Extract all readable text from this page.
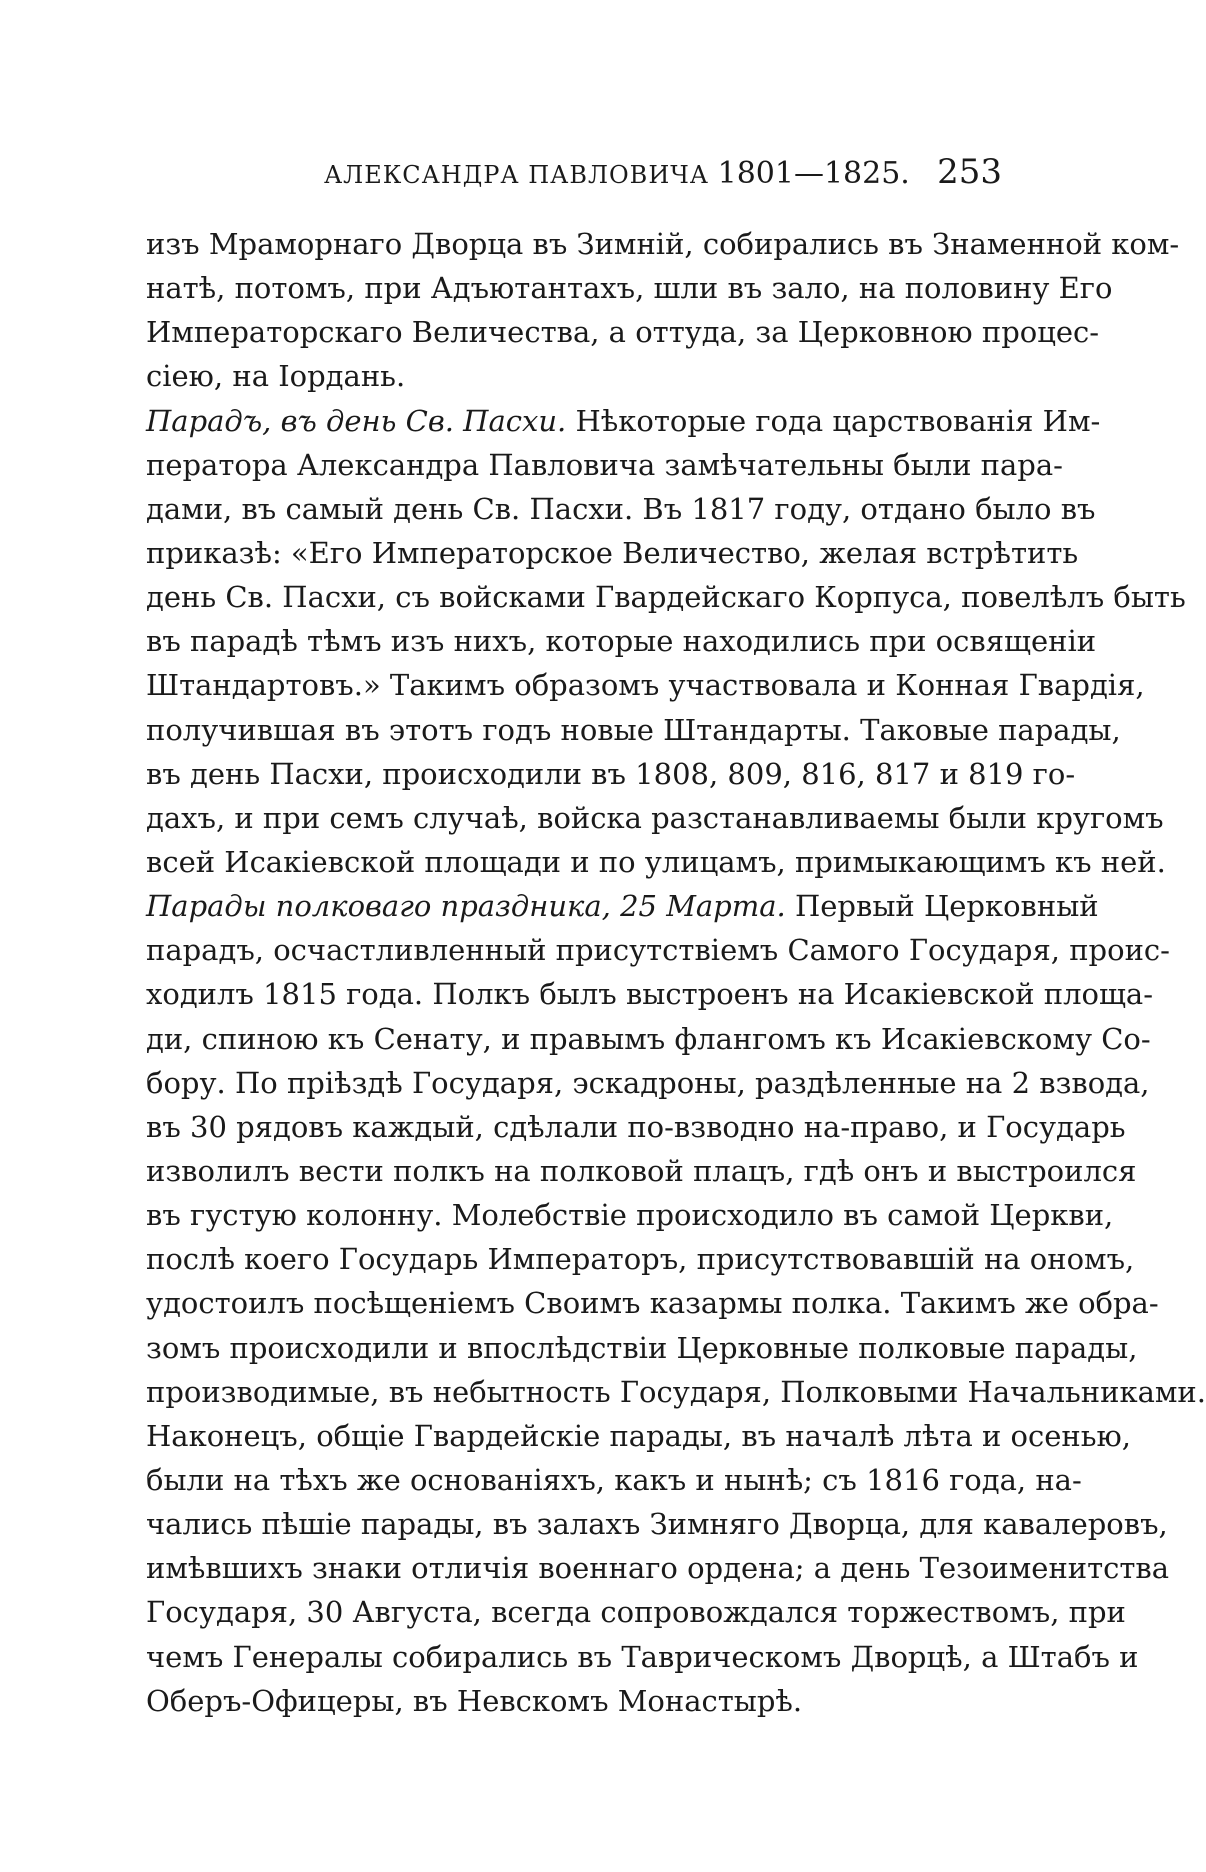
АЛЕКСАНДРА ПАВЛОВИЧА 1801—1825. 253
изъ Мраморнаго Дворца въ Зимній, собирались въ Знаменной ком-
натѣ, потомъ, при Адъютантахъ, шли въ зало, на половину Его
Императорскаго Величества, а оттуда, за Церковною процес-
сіею, на Іордань.
Парадъ, въ день Св. Пасхи. Нѣкоторые года царствованія Им-
ператора Александра Павловича замѣчательны были пара-
дами, въ самый день Св. Пасхи. Въ 1817 году, отдано было въ
приказѣ: «Его Императорское Величество, желая встрѣтить
день Св. Пасхи, съ войсками Гвардейскаго Корпуса, повелѣлъ быть
въ парадѣ тѣмъ изъ нихъ, которые находились при освященіи
Штандартовъ.» Такимъ образомъ участвовала и Конная Гвардія,
получившая въ этотъ годъ новые Штандарты. Таковые парады,
въ день Пасхи, происходили въ 1808, 809, 816, 817 и 819 го-
дахъ, и при семъ случаѣ, войска разстанавливаемы были кругомъ
всей Исакіевской площади и по улицамъ, примыкающимъ къ ней.
Парады полковаго праздника, 25 Марта. Первый Церковный
парадъ, осчастливленный присутствіемъ Самого Государя, проис-
ходилъ 1815 года. Полкъ былъ выстроенъ на Исакіевской площа-
ди, спиною къ Сенату, и правымъ флангомъ къ Исакіевскому Со-
бору. По пріѣздѣ Государя, эскадроны, раздѣленные на 2 взвода,
въ 30 рядовъ каждый, сдѣлали по-взводно на-право, и Государь
изволилъ вести полкъ на полковой плацъ, гдѣ онъ и выстроился
въ густую колонну. Молебствіе происходило въ самой Церкви,
послѣ коего Государь Императоръ, присутствовавшій на ономъ,
удостоилъ посѣщеніемъ Своимъ казармы полка. Такимъ же обра-
зомъ происходили и впослѣдствіи Церковные полковые парады,
производимые, въ небытность Государя, Полковыми Начальниками.
Наконецъ, общіе Гвардейскіе парады, въ началѣ лѣта и осенью,
были на тѣхъ же основаніяхъ, какъ и нынѣ; съ 1816 года, на-
чались пѣшіе парады, въ залахъ Зимняго Дворца, для кавалеровъ,
имѣвшихъ знаки отличія военнаго ордена; а день Тезоименитства
Государя, 30 Августа, всегда сопровождался торжествомъ, при
чемъ Генералы собирались въ Таврическомъ Дворцѣ, а Штабъ и
Оберъ-Офицеры, въ Невскомъ Монастырѣ.
